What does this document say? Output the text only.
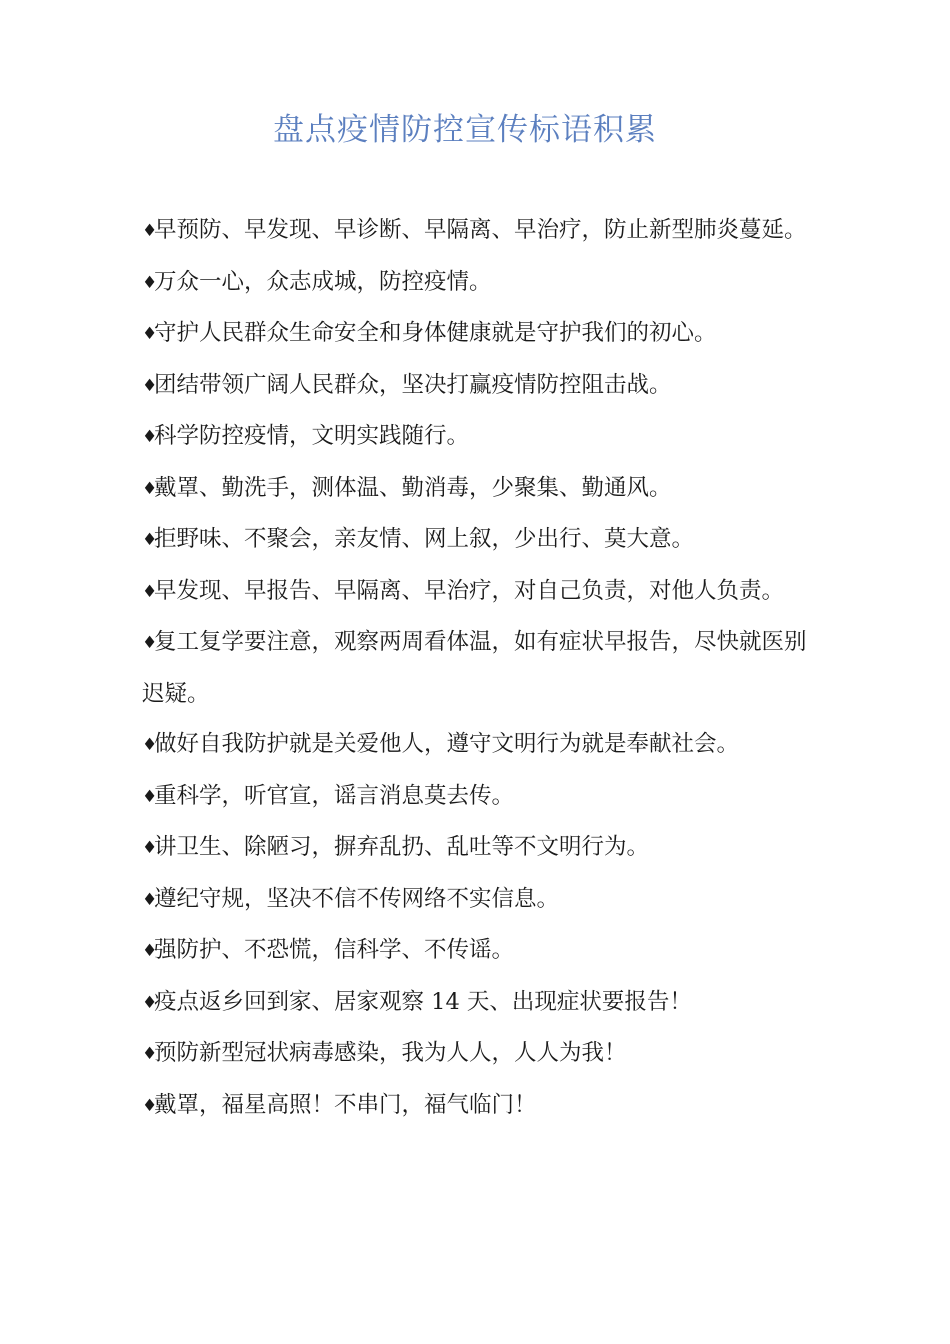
盘点疫情防控宣传标语积累
♦早预防、早发现、早诊断、早隔离、早治疗，防止新型肺炎蔓延。
♦万众一心，众志成城，防控疫情。
♦守护人民群众生命安全和身体健康就是守护我们的初心。
♦团结带领广阔人民群众，坚决打赢疫情防控阻击战。
♦科学防控疫情，文明实践随行。
♦戴罩、勤洗手，测体温、勤消毒，少聚集、勤通风。
♦拒野味、不聚会，亲友情、网上叙，少出行、莫大意。
♦早发现、早报告、早隔离、早治疗，对自己负责，对他人负责。
♦复工复学要注意，观察两周看体温，如有症状早报告，尽快就医别迟疑。
♦做好自我防护就是关爱他人，遵守文明行为就是奉献社会。
♦重科学，听官宣，谣言消息莫去传。
♦讲卫生、除陋习，摒弃乱扔、乱吐等不文明行为。
♦遵纪守规，坚决不信不传网络不实信息。
♦强防护、不恐慌，信科学、不传谣。
♦疫点返乡回到家、居家观察 14 天、出现症状要报告！
♦预防新型冠状病毒感染，我为人人，人人为我！
♦戴罩，福星高照！不串门，福气临门！
